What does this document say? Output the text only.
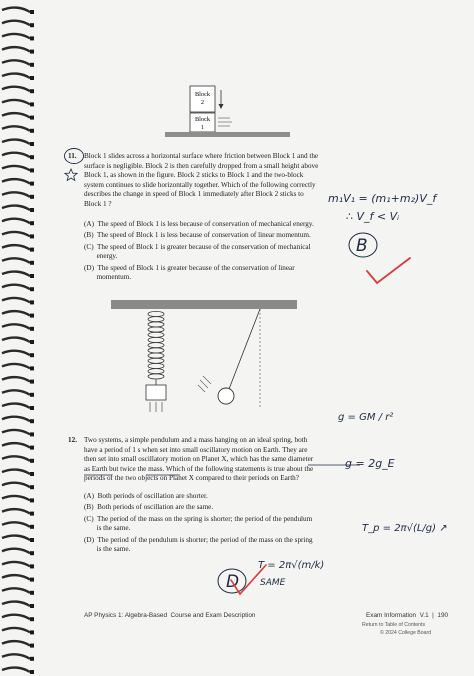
Block
2
Block
1
Block 1 slides across a horizontal surface where friction between Block 1 and the
surface is negligible. Block 2 is then carefully dropped from a small height above
Block 1, as shown in the figure. Block 2 sticks to Block 1 and the two-block
system continues to slide horizontally together. Which of the following correctly
describes the change in speed of Block 1 immediately after Block 2 sticks to
Block 1 ?
11.
(A)  The speed of Block 1 is less because of conservation of mechanical energy.
(B)  The speed of Block 1 is less because of conservation of linear momentum.
(C)  The speed of Block 1 is greater because of the conservation of mechanical
energy.
(D)  The speed of Block 1 is greater because of the conservation of linear
momentum.
12. Two systems, a simple pendulum and a mass hanging on an ideal spring, both
have a period of 1 s when set into small oscillatory motion on Earth. They are
then set into small oscillatory motion on Planet X, which has the same diameter
as Earth but twice the mass. Which of the following statements is true about the
periods of the two objects on Planet X compared to their periods on Earth?
(A)  Both periods of oscillation are shorter.
(B)  Both periods of oscillation are the same.
(C)  The period of the mass on the spring is shorter; the period of the pendulum
is the same.
(D)  The period of the pendulum is shorter; the period of the mass on the spring
is the same.
m₁V₁ = (m₁+m₂)V_f
∴ V_f < Vᵢ
B
g = GM / r²
g = 2g_E
T_p = 2π√(L/g) ↗
T = 2π√(m/k)
SAME
D
AP Physics 1: Algebra-Based  Course and Exam Description	Exam Information  V.1  |  190
Return to Table of Contents
© 2024 College Board
